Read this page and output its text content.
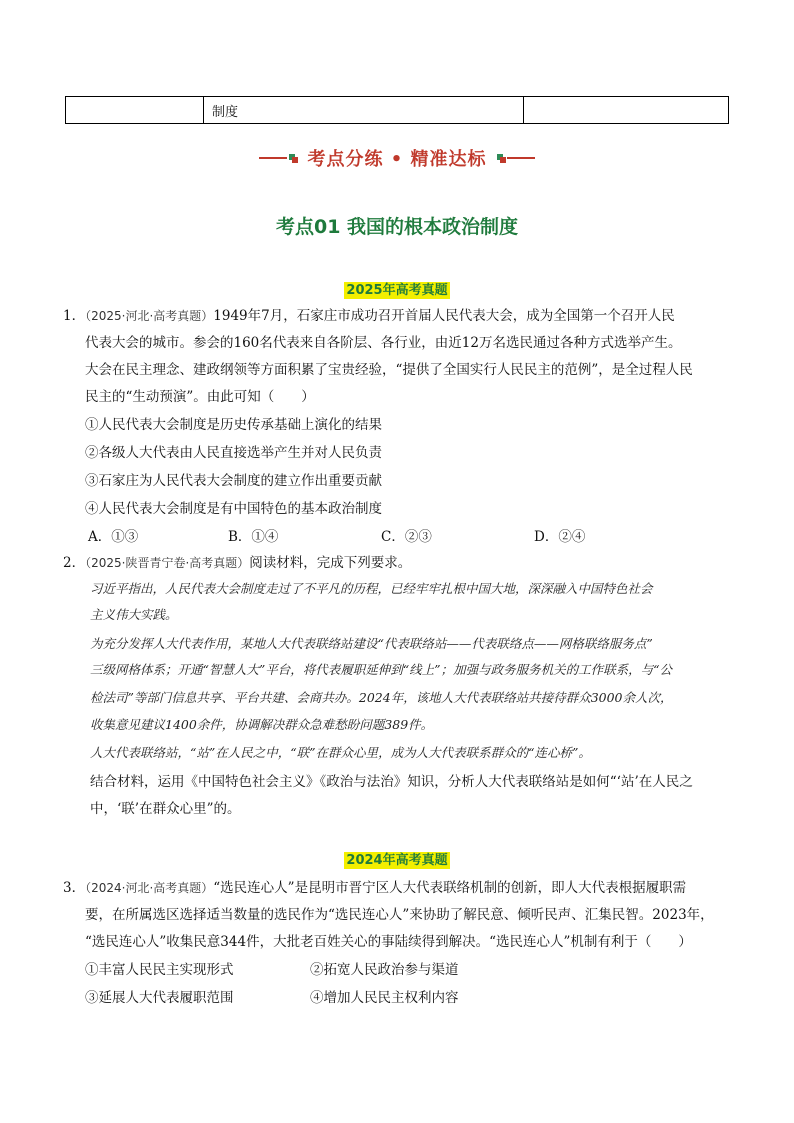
制度
考点分练 • 精准达标
考点01 我国的根本政治制度
2025年高考真题
1．（2025·河北·高考真题）1949年7月，石家庄市成功召开首届人民代表大会，成为全国第一个召开人民
代表大会的城市。参会的160名代表来自各阶层、各行业，由近12万名选民通过各种方式选举产生。
大会在民主理念、建政纲领等方面积累了宝贵经验，“提供了全国实行人民民主的范例”，是全过程人民
民主的“生动预演”。由此可知（　　）
①人民代表大会制度是历史传承基础上演化的结果
②各级人大代表由人民直接选举产生并对人民负责
③石家庄为人民代表大会制度的建立作出重要贡献
④人民代表大会制度是有中国特色的基本政治制度
A．①③	B．①④	C．②③	D．②④
2．（2025·陕晋青宁卷·高考真题）阅读材料，完成下列要求。
习近平指出，人民代表大会制度走过了不平凡的历程，已经牢牢扎根中国大地，深深融入中国特色社会
主义伟大实践。
为充分发挥人大代表作用，某地人大代表联络站建设“代表联络站——代表联络点——网格联络服务点”
三级网格体系；开通“智慧人大”平台，将代表履职延伸到“线上”；加强与政务服务机关的工作联系，与“公
检法司”等部门信息共享、平台共建、会商共办。2024年，该地人大代表联络站共接待群众3000余人次，
收集意见建议1400余件，协调解决群众急难愁盼问题389件。
人大代表联络站，“站”在人民之中，“联”在群众心里，成为人大代表联系群众的“连心桥”。
结合材料，运用《中国特色社会主义》《政治与法治》知识，分析人大代表联络站是如何“‘站’在人民之
中，‘联’在群众心里”的。
2024年高考真题
3．（2024·河北·高考真题）“选民连心人”是昆明市晋宁区人大代表联络机制的创新，即人大代表根据履职需
要，在所属选区选择适当数量的选民作为“选民连心人”来协助了解民意、倾听民声、汇集民智。2023年，
“选民连心人”收集民意344件，大批老百姓关心的事陆续得到解决。“选民连心人”机制有利于（　　）
①丰富人民民主实现形式	②拓宽人民政治参与渠道
③延展人大代表履职范围	④增加人民民主权利内容
